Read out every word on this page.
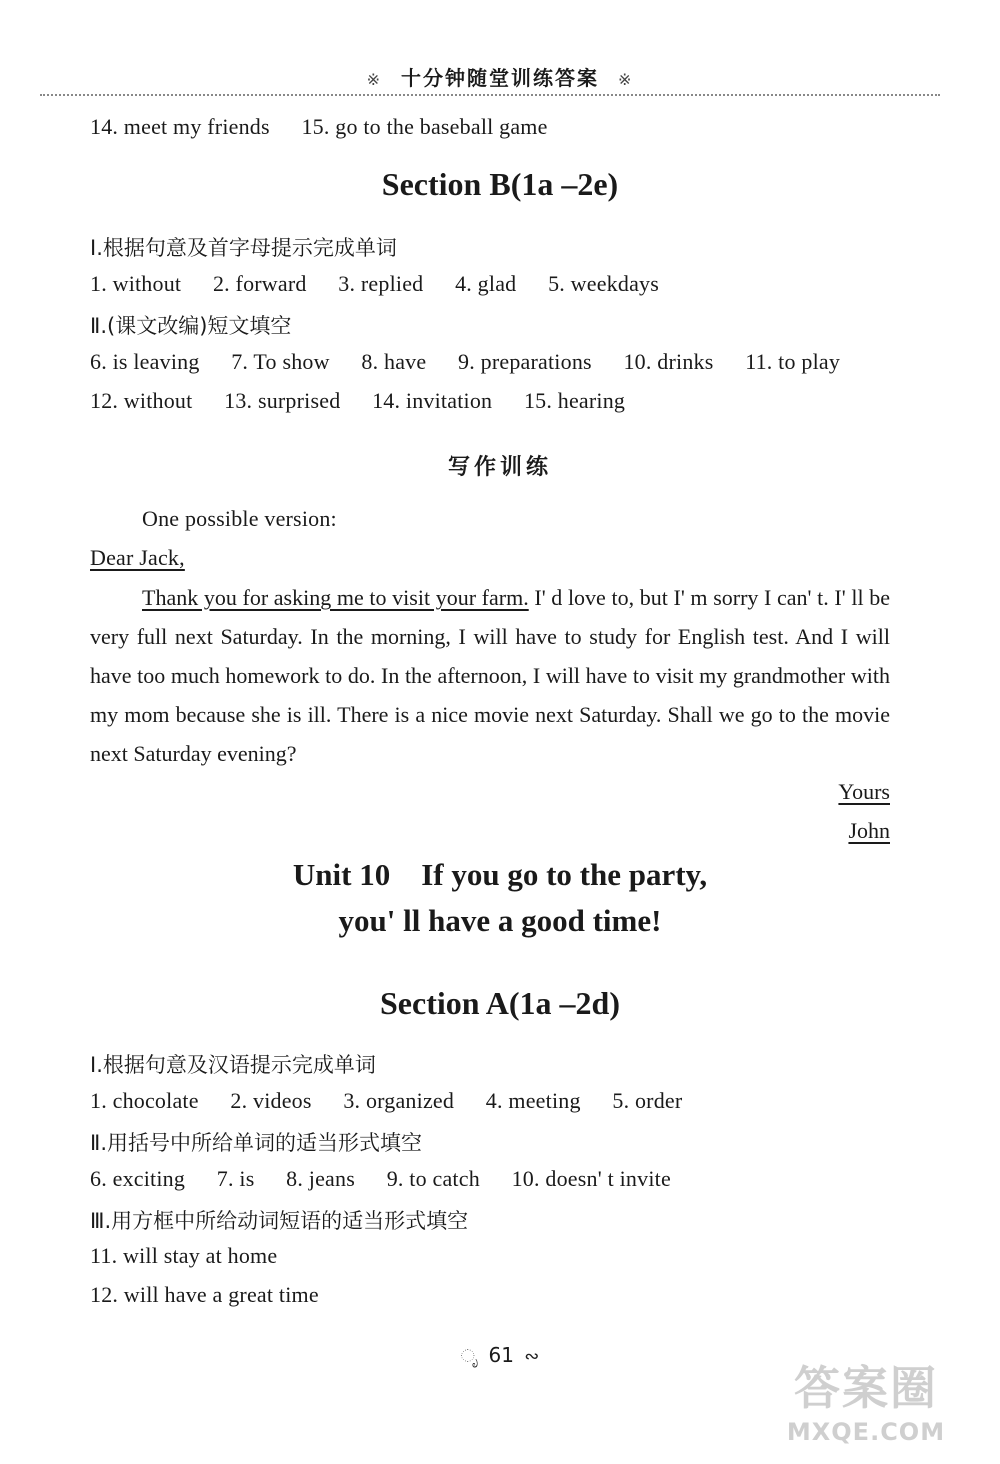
※ 十分钟随堂训练答案 ※
14. meet my friends 15. go to the baseball game
Section B(1a –2e)
Ⅰ.根据句意及首字母提示完成单词
1. without 2. forward 3. replied 4. glad 5. weekdays
Ⅱ.(课文改编)短文填空
6. is leaving 7. To show 8. have 9. preparations 10. drinks 11. to play
12. without 13. surprised 14. invitation 15. hearing
写作训练
One possible version:
Dear Jack,
Thank you for asking me to visit your farm. I' d love to, but I' m sorry I can' t. I' ll be very full next Saturday. In the morning, I will have to study for English test. And I will have too much homework to do. In the afternoon, I will have to visit my grandmother with my mom because she is ill. There is a nice movie next Saturday. Shall we go to the movie next Saturday evening?
Yours
John
Unit 10    If you go to the party,
you' ll have a good time!
Section A(1a –2d)
Ⅰ.根据句意及汉语提示完成单词
1. chocolate 2. videos 3. organized 4. meeting 5. order
Ⅱ.用括号中所给单词的适当形式填空
6. exciting 7. is 8. jeans 9. to catch 10. doesn' t invite
Ⅲ.用方框中所给动词短语的适当形式填空
11. will stay at home
12. will have a great time
ೃ 61 ∾
答案圈
MXQE.COM
